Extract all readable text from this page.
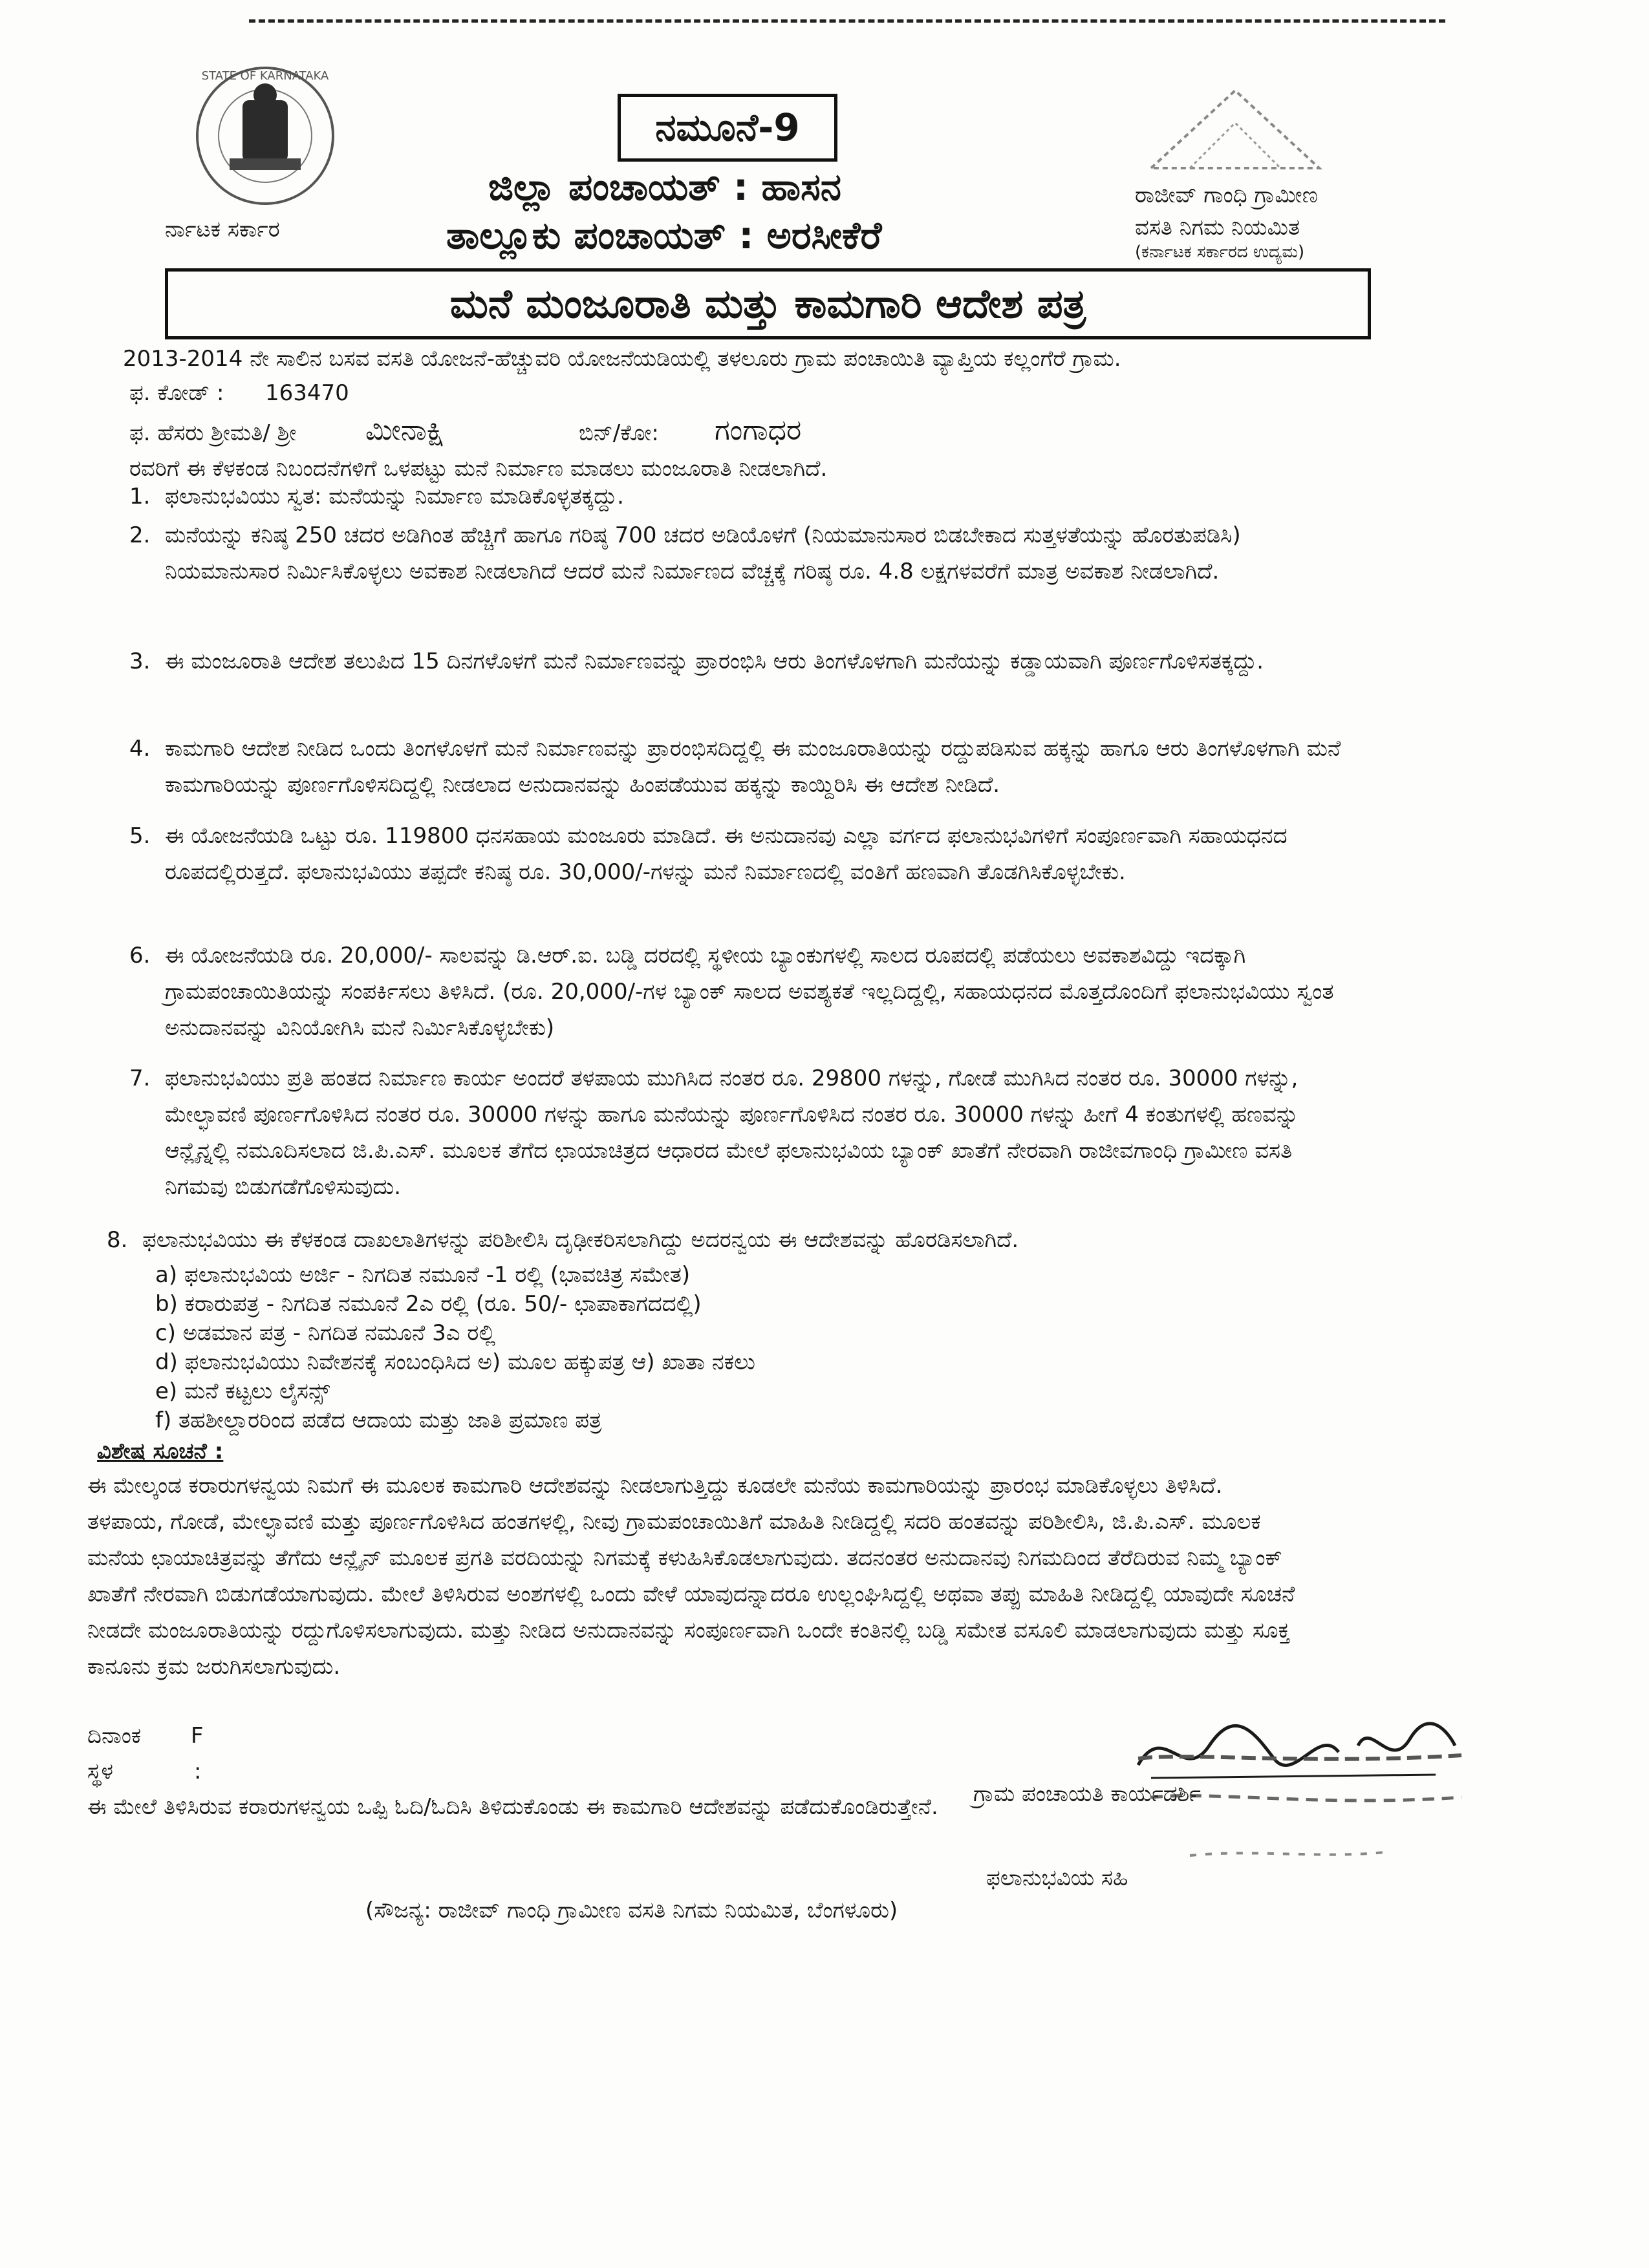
STATE OF KARNATAKA
ರ್ನಾಟಕ ಸರ್ಕಾರ
ನಮೂನೆ-9
ಜಿಲ್ಲಾ ಪಂಚಾಯತ್ : ಹಾಸನ
ತಾಲ್ಲೂಕು ಪಂಚಾಯತ್ : ಅರಸೀಕೆರೆ
ರಾಜೀವ್ ಗಾಂಧಿ ಗ್ರಾಮೀಣ
ವಸತಿ ನಿಗಮ ನಿಯಮಿತ
(ಕರ್ನಾಟಕ ಸರ್ಕಾರದ ಉದ್ಯಮ)
ಮನೆ ಮಂಜೂರಾತಿ ಮತ್ತು ಕಾಮಗಾರಿ ಆದೇಶ ಪತ್ರ
2013-2014 ನೇ ಸಾಲಿನ ಬಸವ ವಸತಿ ಯೋಜನೆ-ಹೆಚ್ಚುವರಿ ಯೋಜನೆಯಡಿಯಲ್ಲಿ ತಳಲೂರು ಗ್ರಾಮ ಪಂಚಾಯಿತಿ ವ್ಯಾಪ್ತಿಯ ಕಲ್ಲಂಗೆರೆ ಗ್ರಾಮ.
ಫ. ಕೋಡ್ : 163470
ಫ. ಹೆಸರು ಶ್ರೀಮತಿ/ ಶ್ರೀ ಮೀನಾಕ್ಷಿ	ಬಿನ್/ಕೋ: ಗಂಗಾಧರ
ರವರಿಗೆ ಈ ಕೆಳಕಂಡ ನಿಬಂದನೆಗಳಿಗೆ ಒಳಪಟ್ಟು ಮನೆ ನಿರ್ಮಾಣ ಮಾಡಲು ಮಂಜೂರಾತಿ ನೀಡಲಾಗಿದೆ.
1. ಫಲಾನುಭವಿಯು ಸ್ವತ: ಮನೆಯನ್ನು ನಿರ್ಮಾಣ ಮಾಡಿಕೊಳ್ಳತಕ್ಕದ್ದು.
2. ಮನೆಯನ್ನು ಕನಿಷ್ಠ 250 ಚದರ ಅಡಿಗಿಂತ ಹೆಚ್ಚಿಗೆ ಹಾಗೂ ಗರಿಷ್ಠ 700 ಚದರ ಅಡಿಯೊಳಗೆ (ನಿಯಮಾನುಸಾರ ಬಿಡಬೇಕಾದ ಸುತ್ತಳತೆಯನ್ನು ಹೊರತುಪಡಿಸಿ) ನಿಯಮಾನುಸಾರ ನಿರ್ಮಿಸಿಕೊಳ್ಳಲು ಅವಕಾಶ ನೀಡಲಾಗಿದೆ ಆದರೆ ಮನೆ ನಿರ್ಮಾಣದ ವೆಚ್ಚಕ್ಕೆ ಗರಿಷ್ಠ ರೂ. 4.8 ಲಕ್ಷಗಳವರೆಗೆ ಮಾತ್ರ ಅವಕಾಶ ನೀಡಲಾಗಿದೆ.
3. ಈ ಮಂಜೂರಾತಿ ಆದೇಶ ತಲುಪಿದ 15 ದಿನಗಳೊಳಗೆ ಮನೆ ನಿರ್ಮಾಣವನ್ನು ಪ್ರಾರಂಭಿಸಿ ಆರು ತಿಂಗಳೊಳಗಾಗಿ ಮನೆಯನ್ನು ಕಡ್ಡಾಯವಾಗಿ ಪೂರ್ಣಗೊಳಿಸತಕ್ಕದ್ದು.
4. ಕಾಮಗಾರಿ ಆದೇಶ ನೀಡಿದ ಒಂದು ತಿಂಗಳೊಳಗೆ ಮನೆ ನಿರ್ಮಾಣವನ್ನು ಪ್ರಾರಂಭಿಸದಿದ್ದಲ್ಲಿ ಈ ಮಂಜೂರಾತಿಯನ್ನು ರದ್ದುಪಡಿಸುವ ಹಕ್ಕನ್ನು ಹಾಗೂ ಆರು ತಿಂಗಳೊಳಗಾಗಿ ಮನೆ ಕಾಮಗಾರಿಯನ್ನು ಪೂರ್ಣಗೊಳಿಸದಿದ್ದಲ್ಲಿ ನೀಡಲಾದ ಅನುದಾನವನ್ನು ಹಿಂಪಡೆಯುವ ಹಕ್ಕನ್ನು ಕಾಯ್ದಿರಿಸಿ ಈ ಆದೇಶ ನೀಡಿದೆ.
5. ಈ ಯೋಜನೆಯಡಿ ಒಟ್ಟು ರೂ. 119800 ಧನಸಹಾಯ ಮಂಜೂರು ಮಾಡಿದೆ. ಈ ಅನುದಾನವು ಎಲ್ಲಾ ವರ್ಗದ ಫಲಾನುಭವಿಗಳಿಗೆ ಸಂಪೂರ್ಣವಾಗಿ ಸಹಾಯಧನದ ರೂಪದಲ್ಲಿರುತ್ತದೆ. ಫಲಾನುಭವಿಯು ತಪ್ಪದೇ ಕನಿಷ್ಠ ರೂ. 30,000/-ಗಳನ್ನು ಮನೆ ನಿರ್ಮಾಣದಲ್ಲಿ ವಂತಿಗೆ ಹಣವಾಗಿ ತೊಡಗಿಸಿಕೊಳ್ಳಬೇಕು.
6. ಈ ಯೋಜನೆಯಡಿ ರೂ. 20,000/- ಸಾಲವನ್ನು ಡಿ.ಆರ್.ಐ. ಬಡ್ಡಿ ದರದಲ್ಲಿ ಸ್ಥಳೀಯ ಬ್ಯಾಂಕುಗಳಲ್ಲಿ ಸಾಲದ ರೂಪದಲ್ಲಿ ಪಡೆಯಲು ಅವಕಾಶವಿದ್ದು ಇದಕ್ಕಾಗಿ ಗ್ರಾಮಪಂಚಾಯಿತಿಯನ್ನು ಸಂಪರ್ಕಿಸಲು ತಿಳಿಸಿದೆ. (ರೂ. 20,000/-ಗಳ ಬ್ಯಾಂಕ್ ಸಾಲದ ಅವಶ್ಯಕತೆ ಇಲ್ಲದಿದ್ದಲ್ಲಿ, ಸಹಾಯಧನದ ಮೊತ್ತದೊಂದಿಗೆ ಫಲಾನುಭವಿಯು ಸ್ವಂತ ಅನುದಾನವನ್ನು ವಿನಿಯೋಗಿಸಿ ಮನೆ ನಿರ್ಮಿಸಿಕೊಳ್ಳಬೇಕು)
7. ಫಲಾನುಭವಿಯು ಪ್ರತಿ ಹಂತದ ನಿರ್ಮಾಣ ಕಾರ್ಯ ಅಂದರೆ ತಳಪಾಯ ಮುಗಿಸಿದ ನಂತರ ರೂ. 29800 ಗಳನ್ನು, ಗೋಡೆ ಮುಗಿಸಿದ ನಂತರ ರೂ. 30000 ಗಳನ್ನು, ಮೇಲ್ಛಾವಣಿ ಪೂರ್ಣಗೊಳಿಸಿದ ನಂತರ ರೂ. 30000 ಗಳನ್ನು ಹಾಗೂ ಮನೆಯನ್ನು ಪೂರ್ಣಗೊಳಿಸಿದ ನಂತರ ರೂ. 30000 ಗಳನ್ನು ಹೀಗೆ 4 ಕಂತುಗಳಲ್ಲಿ ಹಣವನ್ನು ಆನ್ಲೈನ್ನಲ್ಲಿ ನಮೂದಿಸಲಾದ ಜಿ.ಪಿ.ಎಸ್. ಮೂಲಕ ತೆಗೆದ ಛಾಯಾಚಿತ್ರದ ಆಧಾರದ ಮೇಲೆ ಫಲಾನುಭವಿಯ ಬ್ಯಾಂಕ್ ಖಾತೆಗೆ ನೇರವಾಗಿ ರಾಜೀವಗಾಂಧಿ ಗ್ರಾಮೀಣ ವಸತಿ ನಿಗಮವು ಬಿಡುಗಡೆಗೊಳಿಸುವುದು.
8. ಫಲಾನುಭವಿಯು ಈ ಕೆಳಕಂಡ ದಾಖಲಾತಿಗಳನ್ನು ಪರಿಶೀಲಿಸಿ ದೃಢೀಕರಿಸಲಾಗಿದ್ದು ಅದರನ್ವಯ ಈ ಆದೇಶವನ್ನು ಹೊರಡಿಸಲಾಗಿದೆ.
a) ಫಲಾನುಭವಿಯ ಅರ್ಜಿ - ನಿಗದಿತ ನಮೂನೆ -1 ರಲ್ಲಿ (ಭಾವಚಿತ್ರ ಸಮೇತ)
b) ಕರಾರುಪತ್ರ - ನಿಗದಿತ ನಮೂನೆ 2ಎ ರಲ್ಲಿ (ರೂ. 50/- ಛಾಪಾಕಾಗದದಲ್ಲಿ)
c) ಅಡಮಾನ ಪತ್ರ - ನಿಗದಿತ ನಮೂನೆ 3ಎ ರಲ್ಲಿ
d) ಫಲಾನುಭವಿಯು ನಿವೇಶನಕ್ಕೆ ಸಂಬಂಧಿಸಿದ ಅ) ಮೂಲ ಹಕ್ಕುಪತ್ರ ಆ) ಖಾತಾ ನಕಲು
e) ಮನೆ ಕಟ್ಟಲು ಲೈಸನ್ಸ್
f) ತಹಶೀಲ್ದಾರರಿಂದ ಪಡೆದ ಆದಾಯ ಮತ್ತು ಜಾತಿ ಪ್ರಮಾಣ ಪತ್ರ
ವಿಶೇಷ ಸೂಚನೆ :
ಈ ಮೇಲ್ಕಂಡ ಕರಾರುಗಳನ್ವಯ ನಿಮಗೆ ಈ ಮೂಲಕ ಕಾಮಗಾರಿ ಆದೇಶವನ್ನು ನೀಡಲಾಗುತ್ತಿದ್ದು ಕೂಡಲೇ ಮನೆಯ ಕಾಮಗಾರಿಯನ್ನು ಪ್ರಾರಂಭ ಮಾಡಿಕೊಳ್ಳಲು ತಿಳಿಸಿದೆ. ತಳಪಾಯ, ಗೋಡೆ, ಮೇಲ್ಛಾವಣಿ ಮತ್ತು ಪೂರ್ಣಗೊಳಿಸಿದ ಹಂತಗಳಲ್ಲಿ, ನೀವು ಗ್ರಾಮಪಂಚಾಯಿತಿಗೆ ಮಾಹಿತಿ ನೀಡಿದ್ದಲ್ಲಿ ಸದರಿ ಹಂತವನ್ನು ಪರಿಶೀಲಿಸಿ, ಜಿ.ಪಿ.ಎಸ್. ಮೂಲಕ ಮನೆಯ ಛಾಯಾಚಿತ್ರವನ್ನು ತೆಗೆದು ಆನ್ಲೈನ್ ಮೂಲಕ ಪ್ರಗತಿ ವರದಿಯನ್ನು ನಿಗಮಕ್ಕೆ ಕಳುಹಿಸಿಕೊಡಲಾಗುವುದು. ತದನಂತರ ಅನುದಾನವು ನಿಗಮದಿಂದ ತೆರೆದಿರುವ ನಿಮ್ಮ ಬ್ಯಾಂಕ್ ಖಾತೆಗೆ ನೇರವಾಗಿ ಬಿಡುಗಡೆಯಾಗುವುದು. ಮೇಲೆ ತಿಳಿಸಿರುವ ಅಂಶಗಳಲ್ಲಿ ಒಂದು ವೇಳೆ ಯಾವುದನ್ನಾದರೂ ಉಲ್ಲಂಘಿಸಿದ್ದಲ್ಲಿ ಅಥವಾ ತಪ್ಪು ಮಾಹಿತಿ ನೀಡಿದ್ದಲ್ಲಿ ಯಾವುದೇ ಸೂಚನೆ ನೀಡದೇ ಮಂಜೂರಾತಿಯನ್ನು ರದ್ದುಗೊಳಿಸಲಾಗುವುದು. ಮತ್ತು ನೀಡಿದ ಅನುದಾನವನ್ನು ಸಂಪೂರ್ಣವಾಗಿ ಒಂದೇ ಕಂತಿನಲ್ಲಿ ಬಡ್ಡಿ ಸಮೇತ ವಸೂಲಿ ಮಾಡಲಾಗುವುದು ಮತ್ತು ಸೂಕ್ತ ಕಾನೂನು ಕ್ರಮ ಜರುಗಿಸಲಾಗುವುದು.
ದಿನಾಂಕ F
ಸ್ಥಳ	:
ಗ್ರಾಮ ಪಂಚಾಯತಿ ಕಾರ್ಯದರ್ಶಿ
ಈ ಮೇಲೆ ತಿಳಿಸಿರುವ ಕರಾರುಗಳನ್ವಯ ಒಪ್ಪಿ ಓದಿ/ಓದಿಸಿ ತಿಳಿದುಕೊಂಡು ಈ ಕಾಮಗಾರಿ ಆದೇಶವನ್ನು ಪಡೆದುಕೊಂಡಿರುತ್ತೇನೆ.
ಫಲಾನುಭವಿಯ ಸಹಿ
(ಸೌಜನ್ಯ: ರಾಜೀವ್ ಗಾಂಧಿ ಗ್ರಾಮೀಣ ವಸತಿ ನಿಗಮ ನಿಯಮಿತ, ಬೆಂಗಳೂರು)
